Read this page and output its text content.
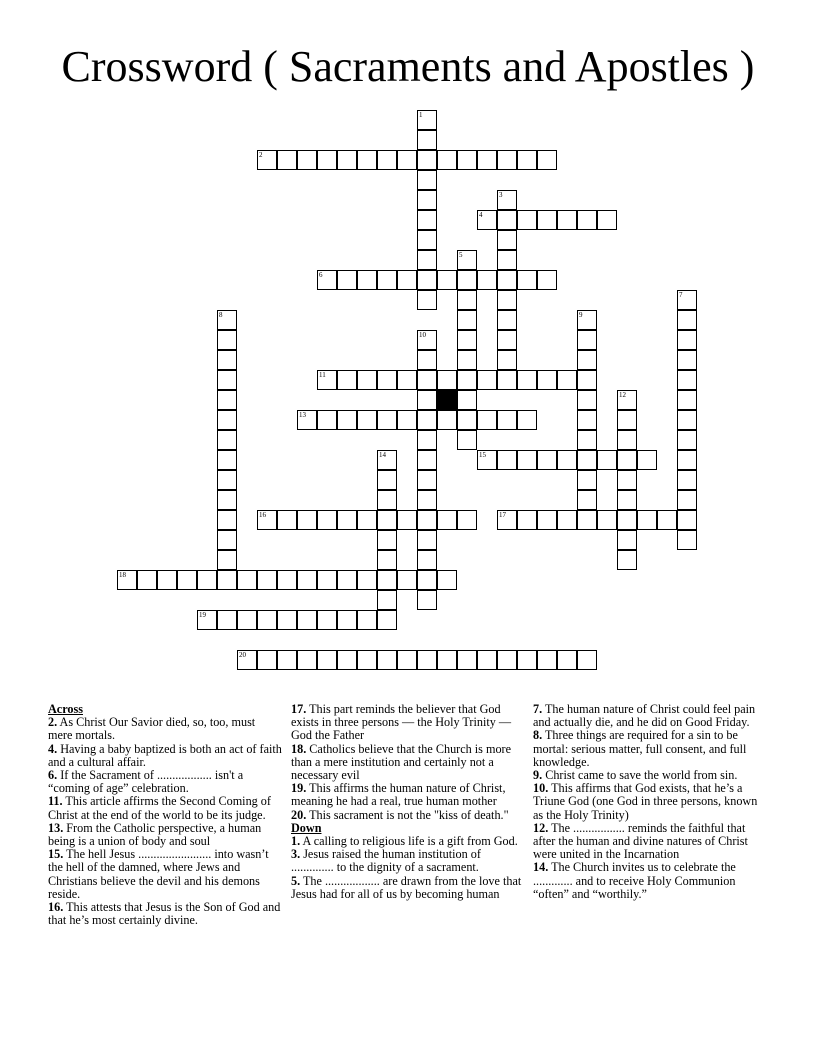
Crossword ( Sacraments and Apostles )
1
3
5
7
8	9
10
12
14
2
4
6
11
13
15
16	17
18
19
20
Across
2. As Christ Our Savior died, so, too, must mere mortals.
4. Having a baby baptized is both an act of faith and a cultural affair.
6. If the Sacrament of .................. isn't a “coming of age” celebration.
11. This article affirms the Second Coming of Christ at the end of the world to be its judge.
13. From the Catholic perspective, a human being is a union of body and soul
15. The hell Jesus ........................ into wasn’t the hell of the damned, where Jews and Christians believe the devil and his demons reside.
16. This attests that Jesus is the Son of God and that he’s most certainly divine.
17. This part reminds the believer that God exists in three persons — the Holy Trinity — God the Father
18. Catholics believe that the Church is more than a mere institution and certainly not a necessary evil
19. This affirms the human nature of Christ, meaning he had a real, true human mother
20. This sacrament is not the "kiss of death."
Down
1. A calling to religious life is a gift from God.
3. Jesus raised the human institution of .............. to the dignity of a sacrament.
5. The .................. are drawn from the love that Jesus had for all of us by becoming human
7. The human nature of Christ could feel pain and actually die, and he did on Good Friday.
8. Three things are required for a sin to be mortal: serious matter, full consent, and full knowledge.
9. Christ came to save the world from sin.
10. This affirms that God exists, that he’s a Triune God (one God in three persons, known as the Holy Trinity)
12. The ................. reminds the faithful that after the human and divine natures of Christ were united in the Incarnation
14. The Church invites us to celebrate the ............. and to receive Holy Communion “often” and “worthily.”
